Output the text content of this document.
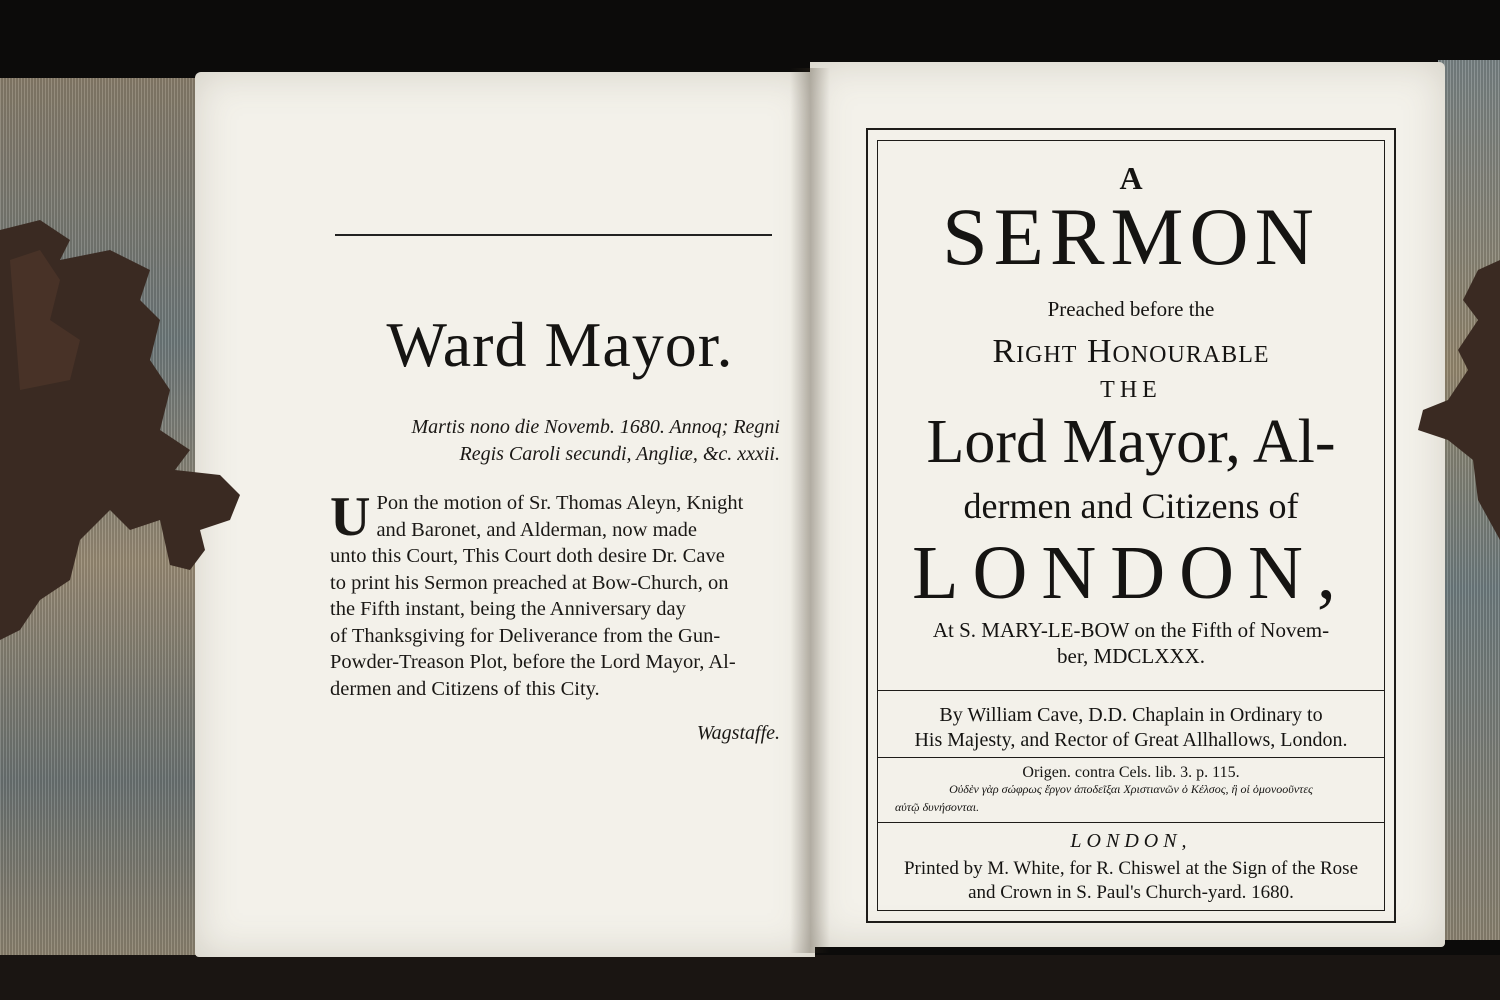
Ward Mayor.
Martis nono die Novemb. 1680. Annoq; Regni
Regis Caroli secundi, Angliæ, &c. xxxii.
U Pon the motion of Sr. Thomas Aleyn, Knight
and Baronet, and Alderman, now made
unto this Court, This Court doth desire Dr. Cave
to print his Sermon preached at Bow-Church, on
the Fifth instant, being the Anniversary day
of Thanksgiving for Deliverance from the Gun-
Powder-Treason Plot, before the Lord Mayor, Al-
dermen and Citizens of this City.
Wagstaffe.
A
SERMON
Preached before the
Right Honourable
THE
Lord Mayor, Al-
dermen and Citizens of
LONDON,
At S. MARY-LE-BOW on the Fifth of Novem-
ber, MDCLXXX.
By William Cave, D.D. Chaplain in Ordinary to
His Majesty, and Rector of Great Allhallows, London.
Origen. contra Cels. lib. 3. p. 115.
Οὐδὲν γὰρ σώφρως ἔργον ἀποδεῖξαι Χριστιανῶν ὁ Κέλσος, ἢ οἱ ὁμονοοῦντες
αὐτῷ δυνήσονται.
LONDON,
Printed by M. White, for R. Chiswel at the Sign of the Rose
and Crown in S. Paul's Church-yard. 1680.
